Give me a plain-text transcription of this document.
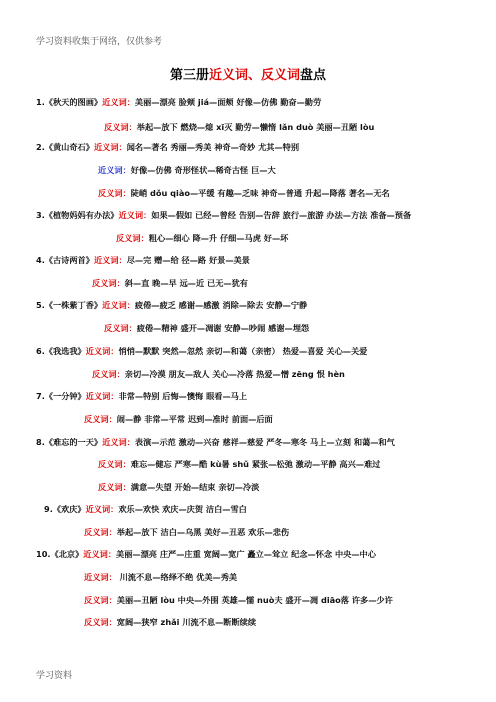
学习资料收集于网络，仅供参考
第三册近义词、反义词盘点
1.《秋天的图画》近义词：美丽—漂亮 脸颊 jiá—面颊 好像—仿佛 勤奋—勤劳
反义词：举起—放下 燃烧—熄 xī灭 勤劳—懒惰 lǎn duò 美丽—丑陋 lòu
2.《黄山奇石》近义词：闻名—著名 秀丽—秀美 神奇—奇妙 尤其—特别
近义词：好像—仿佛 奇形怪状—稀奇古怪 巨—大
反义词：陡峭 dǒu qiào—平缓 有趣—乏味 神奇—普通 升起—降落 著名—无名
3.《植物妈妈有办法》近义词：如果—假如 已经—曾经 告别—告辞 旅行—旅游 办法—方法 准备—预备
反义词：粗心—细心 降—升 仔细—马虎 好—坏
4.《古诗两首》近义词：尽—完 赠—给 径—路 好景—美景
反义词：斜—直 晚—早 远—近 已无—犹有
5.《一株紫丁香》近义词：疲倦—疲乏 感谢—感激 消除—除去 安静—宁静
反义词：疲倦—精神 盛开—凋谢 安静—吵闹 感谢—埋怨
6.《我选我》近义词：悄悄—默默 突然—忽然 亲切—和蔼（亲密） 热爱—喜爱 关心—关爱
反义词：亲切—冷漠 朋友—敌人 关心—冷落 热爱—憎 zēng 恨 hèn
7.《一分钟》近义词：非常—特别 后悔—懊悔 眼看—马上
反义词：闹—静 非常—平常 迟到—准时 前面—后面
8.《难忘的一天》近义词：表演—示范 激动—兴奋 慈祥—慈爱 严冬—寒冬 马上—立刻 和蔼—和气
反义词：难忘—健忘 严寒—酷 kù暑 shǔ 紧张—松弛 激动—平静 高兴—难过
反义词：满意—失望 开始—结束 亲切—冷淡
9.《欢庆》近义词：欢乐—欢快 欢庆—庆贺 洁白—雪白
反义词：举起—放下 洁白—乌黑 美好—丑恶 欢乐—悲伤
10.《北京》近义词：美丽—漂亮 庄严—庄重 宽阔—宽广 矗立—耸立 纪念—怀念 中央—中心
近义词： 川流不息—络绎不绝 优美—秀美
反义词：美丽—丑陋 lòu 中央—外围 英雄—懦 nuò夫 盛开—凋 diāo落 许多—少许
反义词：宽阔—狭窄 zhǎi 川流不息—断断续续
学习资料
